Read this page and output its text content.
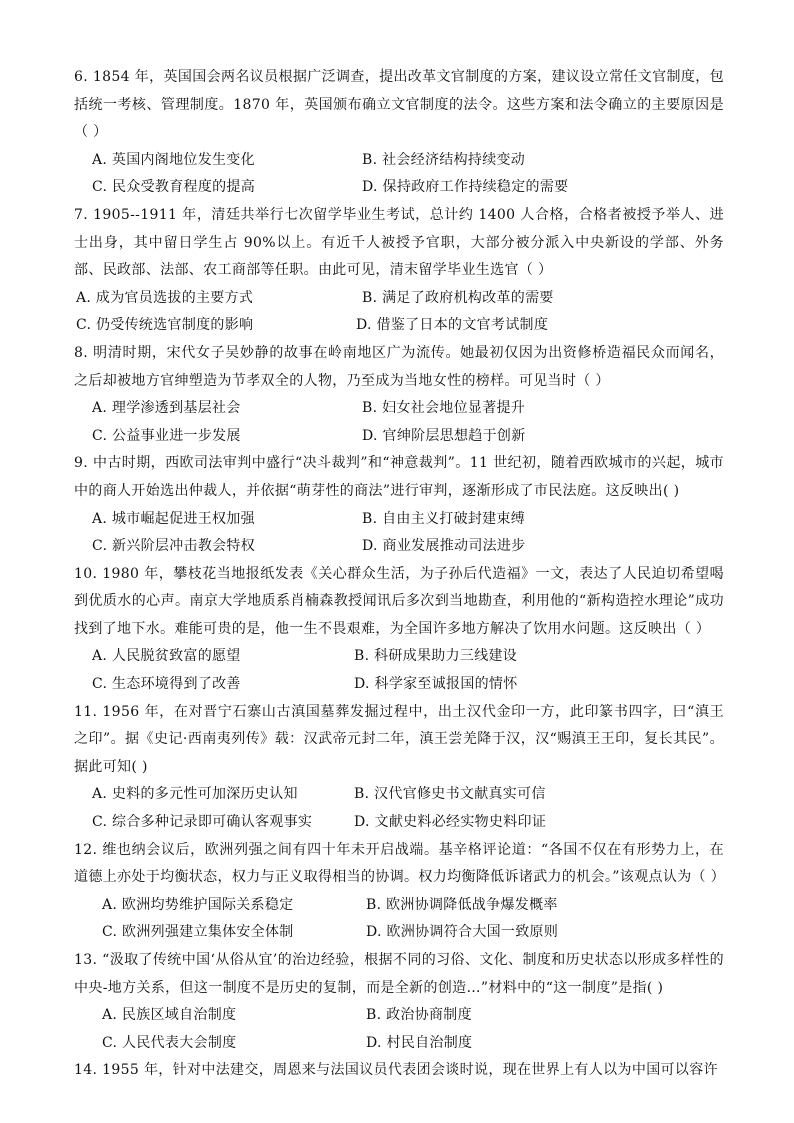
6. 1854 年，英国国会两名议员根据广泛调查，提出改革文官制度的方案，建议设立常任文官制度，包括统一考核、管理制度。1870 年，英国颁布确立文官制度的法令。这些方案和法令确立的主要原因是（ ）

A. 英国内阁地位发生变化	B. 社会经济结构持续变动
C. 民众受教育程度的提高	D. 保持政府工作持续稳定的需要

7. 1905--1911 年，清廷共举行七次留学毕业生考试，总计约 1400 人合格，合格者被授予举人、进士出身，其中留日学生占 90%以上。有近千人被授予官职，大部分被分派入中央新设的学部、外务部、民政部、法部、农工商部等任职。由此可见，清末留学毕业生选官（ ）

A. 成为官员选拔的主要方式	B. 满足了政府机构改革的需要
C. 仍受传统选官制度的影响	D. 借鉴了日本的文官考试制度

8. 明清时期，宋代女子吴妙静的故事在岭南地区广为流传。她最初仅因为出资修桥造福民众而闻名，之后却被地方官绅塑造为节孝双全的人物，乃至成为当地女性的榜样。可见当时（ ）

A. 理学渗透到基层社会	B. 妇女社会地位显著提升
C. 公益事业进一步发展	D. 官绅阶层思想趋于创新

9. 中古时期，西欧司法审判中盛行“决斗裁判”和“神意裁判”。11 世纪初，随着西欧城市的兴起，城市中的商人开始选出仲裁人，并依据“萌芽性的商法”进行审判，逐渐形成了市民法庭。这反映出( )

A. 城市崛起促进王权加强	B. 自由主义打破封建束缚
C. 新兴阶层冲击教会特权	D. 商业发展推动司法进步

10. 1980 年，攀枝花当地报纸发表《关心群众生活，为子孙后代造福》一文，表达了人民迫切希望喝到优质水的心声。南京大学地质系肖楠森教授闻讯后多次到当地勘查，利用他的“新构造控水理论”成功找到了地下水。难能可贵的是，他一生不畏艰难，为全国许多地方解决了饮用水问题。这反映出（ ）

A. 人民脱贫致富的愿望	B. 科研成果助力三线建设
C. 生态环境得到了改善	D. 科学家至诚报国的情怀

11. 1956 年，在对晋宁石寨山古滇国墓葬发掘过程中，出土汉代金印一方，此印篆书四字，曰“滇王之印”。据《史记·西南夷列传》载：汉武帝元封二年，滇王尝羌降于汉，汉“赐滇王王印，复长其民”。据此可知( )

A. 史料的多元性可加深历史认知	B. 汉代官修史书文献真实可信
C. 综合多种记录即可确认客观事实	D. 文献史料必经实物史料印证

12. 维也纳会议后，欧洲列强之间有四十年未开启战端。基辛格评论道：“各国不仅在有形势力上，在道德上亦处于均衡状态，权力与正义取得相当的协调。权力均衡降低诉诸武力的机会。”该观点认为（ ）

A. 欧洲均势维护国际关系稳定	B. 欧洲协调降低战争爆发概率
C. 欧洲列强建立集体安全体制	D. 欧洲协调符合大国一致原则

13. “汲取了传统中国‘从俗从宜’的治边经验，根据不同的习俗、文化、制度和历史状态以形成多样性的中央-地方关系，但这一制度不是历史的复制，而是全新的创造…”材料中的“这一制度”是指( )

A. 民族区域自治制度	B. 政治协商制度
C. 人民代表大会制度	D. 村民自治制度

14. 1955 年，针对中法建交，周恩来与法国议员代表团会谈时说，现在世界上有人以为中国可以容许
